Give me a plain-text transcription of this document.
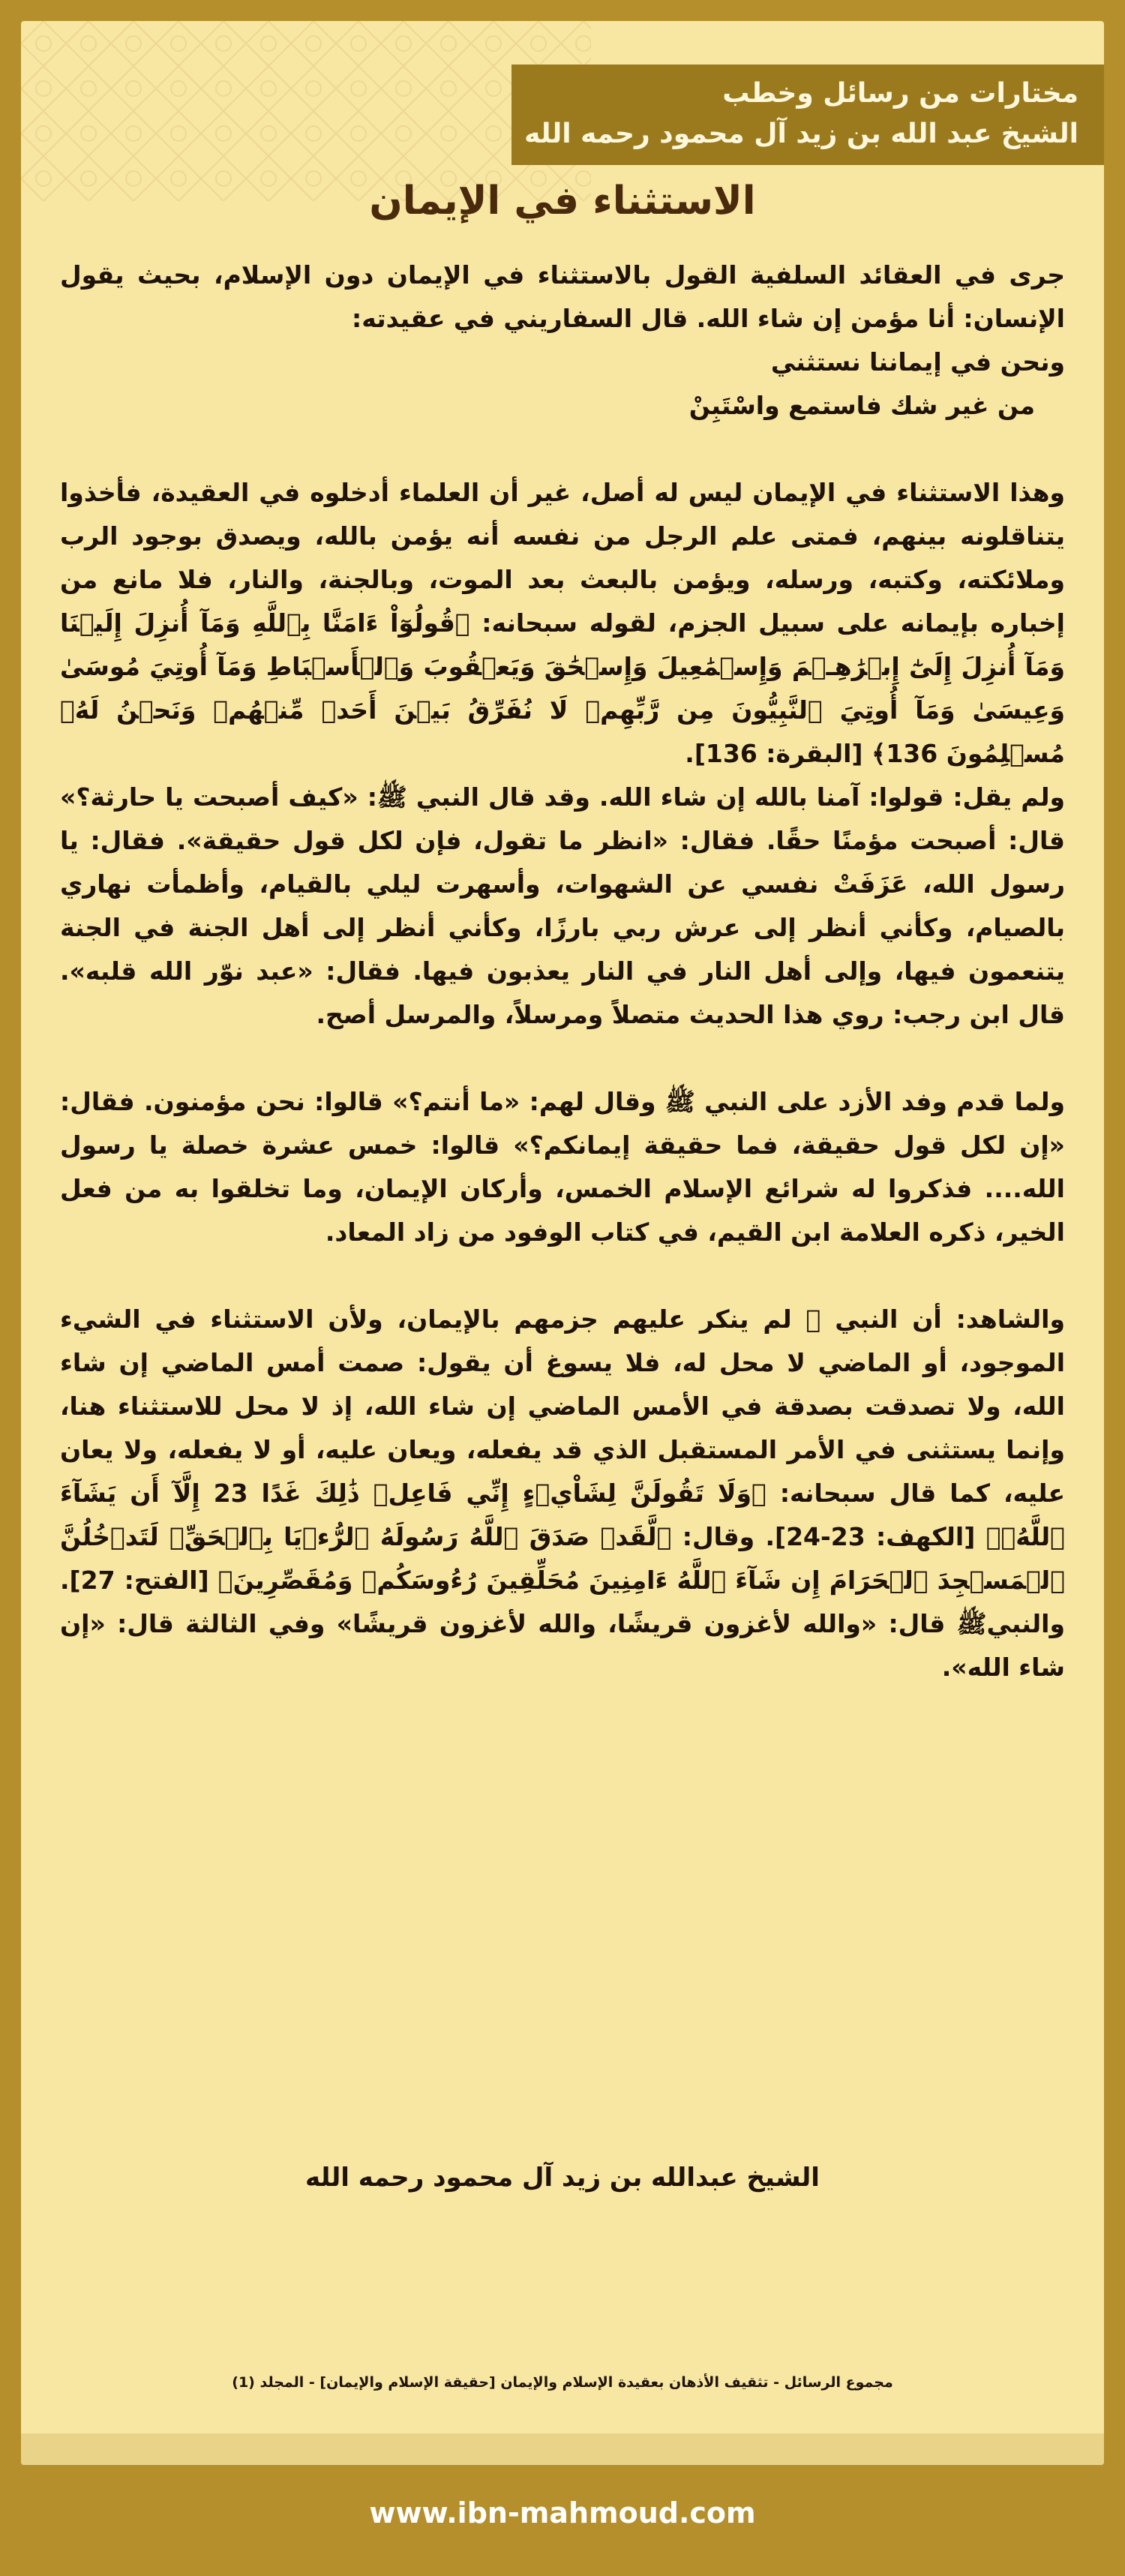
مختارات من رسائل وخطب
الشيخ عبد الله بن زيد آل محمود رحمه الله
الاستثناء في الإيمان

جرى في العقائد السلفية القول بالاستثناء في الإيمان دون الإسلام، بحيث يقول الإنسان: أنا مؤمن إن شاء الله. قال السفاريني في عقيدته:

ونحن في إيماننا نستثني

من غير شك فاستمع واسْتَبِنْ

وهذا الاستثناء في الإيمان ليس له أصل، غير أن العلماء أدخلوه في العقيدة، فأخذوا يتناقلونه بينهم، فمتى علم الرجل من نفسه أنه يؤمن بالله، ويصدق بوجود الرب وملائكته، وكتبه، ورسله، ويؤمن بالبعث بعد الموت، وبالجنة، والنار، فلا مانع من إخباره بإيمانه على سبيل الجزم، لقوله سبحانه: ﴿قُولُوٓاْ ءَامَنَّا بِٱللَّهِ وَمَآ أُنزِلَ إِلَيۡنَا وَمَآ أُنزِلَ إِلَىٰٓ إِبۡرَٰهِـۧمَ وَإِسۡمَٰعِيلَ وَإِسۡحَٰقَ وَيَعۡقُوبَ وَٱلۡأَسۡبَاطِ وَمَآ أُوتِيَ مُوسَىٰ وَعِيسَىٰ وَمَآ أُوتِيَ ٱلنَّبِيُّونَ مِن رَّبِّهِمۡ لَا نُفَرِّقُ بَيۡنَ أَحَدٖ مِّنۡهُمۡ وَنَحۡنُ لَهُۥ مُسۡلِمُونَ 136﴾ [البقرة: 136].

ولم يقل: قولوا: آمنا بالله إن شاء الله. وقد قال النبي ﷺ: «كيف أصبحت يا حارثة؟» قال: أصبحت مؤمنًا حقًا. فقال: «انظر ما تقول، فإن لكل قول حقيقة». فقال: يا رسول الله، عَزَفَتْ نفسي عن الشهوات، وأسهرت ليلي بالقيام، وأظمأت نهاري بالصيام، وكأني أنظر إلى عرش ربي بارزًا، وكأني أنظر إلى أهل الجنة في الجنة يتنعمون فيها، وإلى أهل النار في النار يعذبون فيها. فقال: «عبد نوّر الله قلبه». قال ابن رجب: روي هذا الحديث متصلاً ومرسلاً، والمرسل أصح.

ولما قدم وفد الأزد على النبي ﷺ وقال لهم: «ما أنتم؟» قالوا: نحن مؤمنون. فقال: «إن لكل قول حقيقة، فما حقيقة إيمانكم؟» قالوا: خمس عشرة خصلة يا رسول الله.... فذكروا له شرائع الإسلام الخمس، وأركان الإيمان، وما تخلقوا به من فعل الخير، ذكره العلامة ابن القيم، في كتاب الوفود من زاد المعاد.

والشاهد: أن النبي ﷺ لم ينكر عليهم جزمهم بالإيمان، ولأن الاستثناء في الشيء الموجود، أو الماضي لا محل له، فلا يسوغ أن يقول: صمت أمس الماضي إن شاء الله، ولا تصدقت بصدقة في الأمس الماضي إن شاء الله، إذ لا محل للاستثناء هنا، وإنما يستثنى في الأمر المستقبل الذي قد يفعله، ويعان عليه، أو لا يفعله، ولا يعان عليه، كما قال سبحانه: ﴿وَلَا تَقُولَنَّ لِشَاْيۡءٍ إِنِّي فَاعِلٞ ذَٰلِكَ غَدًا 23 إِلَّآ أَن يَشَآءَ ٱللَّهُۚ﴾ [الكهف: 23-24]. وقال: ﴿لَّقَدۡ صَدَقَ ٱللَّهُ رَسُولَهُ ٱلرُّءۡيَا بِٱلۡحَقِّۖ لَتَدۡخُلُنَّ ٱلۡمَسۡجِدَ ٱلۡحَرَامَ إِن شَآءَ ٱللَّهُ ءَامِنِينَ مُحَلِّقِينَ رُءُوسَكُمۡ وَمُقَصِّرِينَ﴾ [الفتح: 27]. والنبيﷺ قال: «والله لأغزون قريشًا، والله لأغزون قريشًا» وفي الثالثة قال: «إن شاء الله».

الشيخ عبدالله بن زيد آل محمود رحمه الله
مجموع الرسائل - تثقيف الأذهان بعقيدة الإسلام والإيمان [حقيقة الإسلام والإيمان] - المجلد (1)
www.ibn-mahmoud.com
